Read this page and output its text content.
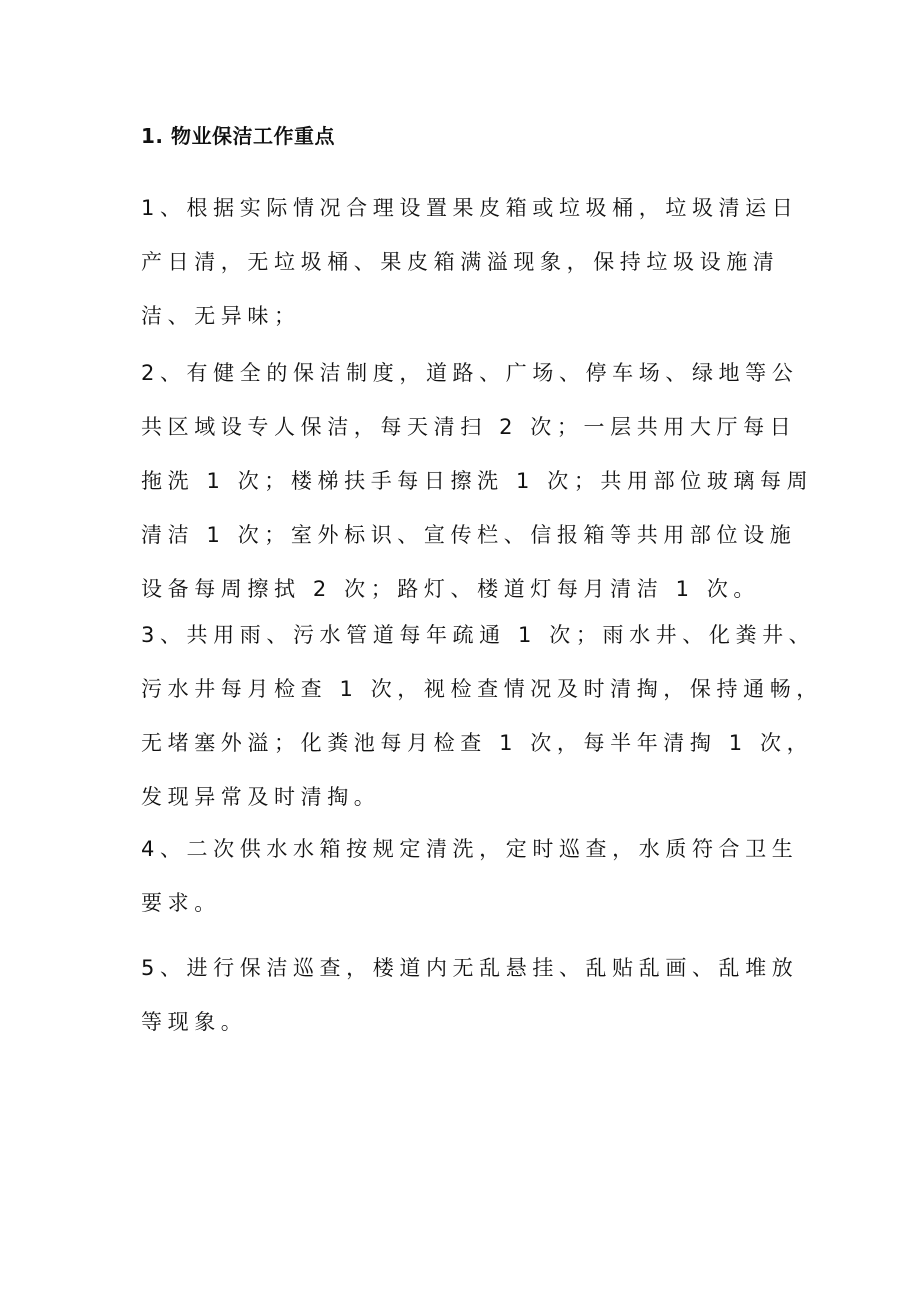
1. 物业保洁工作重点
1、根据实际情况合理设置果皮箱或垃圾桶，垃圾清运日
产日清，无垃圾桶、果皮箱满溢现象，保持垃圾设施清
洁、无异味；
2、有健全的保洁制度，道路、广场、停车场、绿地等公
共区域设专人保洁，每天清扫 2 次；一层共用大厅每日
拖洗 1 次；楼梯扶手每日擦洗 1 次；共用部位玻璃每周
清洁 1 次；室外标识、宣传栏、信报箱等共用部位设施
设备每周擦拭 2 次；路灯、楼道灯每月清洁 1 次。
3、共用雨、污水管道每年疏通 1 次；雨水井、化粪井、
污水井每月检查 1 次，视检查情况及时清掏，保持通畅，
无堵塞外溢；化粪池每月检查 1 次，每半年清掏 1 次，
发现异常及时清掏。
4、二次供水水箱按规定清洗，定时巡查，水质符合卫生
要求。
5、进行保洁巡查，楼道内无乱悬挂、乱贴乱画、乱堆放
等现象。
